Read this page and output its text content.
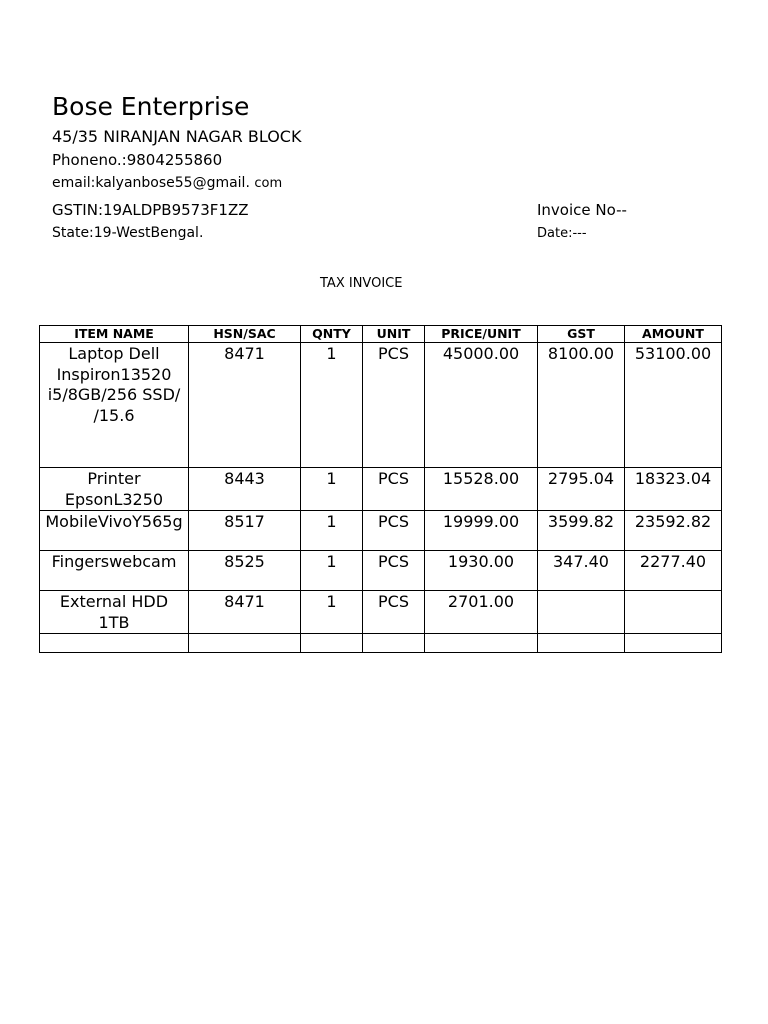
Bose Enterprise
45/35 NIRANJAN NAGAR BLOCK
Phoneno.:9804255860
email:kalyanbose55@gmail. com
GSTIN:19ALDPB9573F1ZZ
State:19-WestBengal.
Invoice No--
Date:---
TAX INVOICE
ITEM NAME	HSN/SAC	QNTY	UNIT	PRICE/UNIT	GST	AMOUNT
Laptop Dell Inspiron13520 i5/8GB/256 SSD/ /15.6	8471	1	PCS	45000.00	8100.00	53100.00
Printer EpsonL3250	8443	1	PCS	15528.00	2795.04	18323.04
MobileVivoY565g	8517	1	PCS	19999.00	3599.82	23592.82
Fingerswebcam	8525	1	PCS	1930.00	347.40	2277.40
External HDD 1TB	8471	1	PCS	2701.00		
